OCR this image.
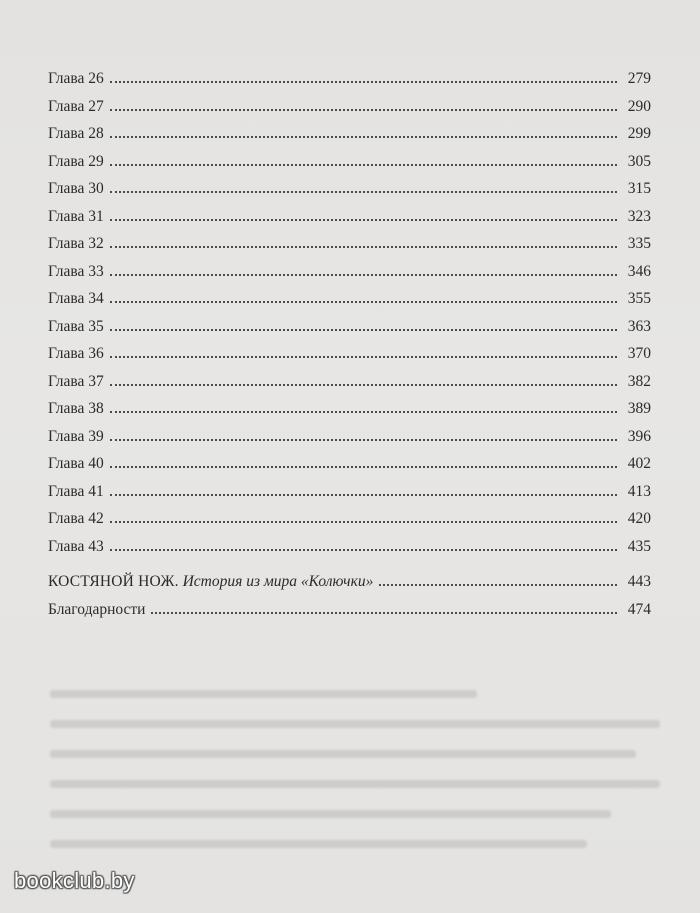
Глава 26	279
Глава 27	290
Глава 28	299
Глава 29	305
Глава 30	315
Глава 31	323
Глава 32	335
Глава 33	346
Глава 34	355
Глава 35	363
Глава 36	370
Глава 37	382
Глава 38	389
Глава 39	396
Глава 40	402
Глава 41	413
Глава 42	420
Глава 43	435
КОСТЯНОЙ НОЖ. История из мира «Колючки»	443
Благодарности	474
bookclub.by
